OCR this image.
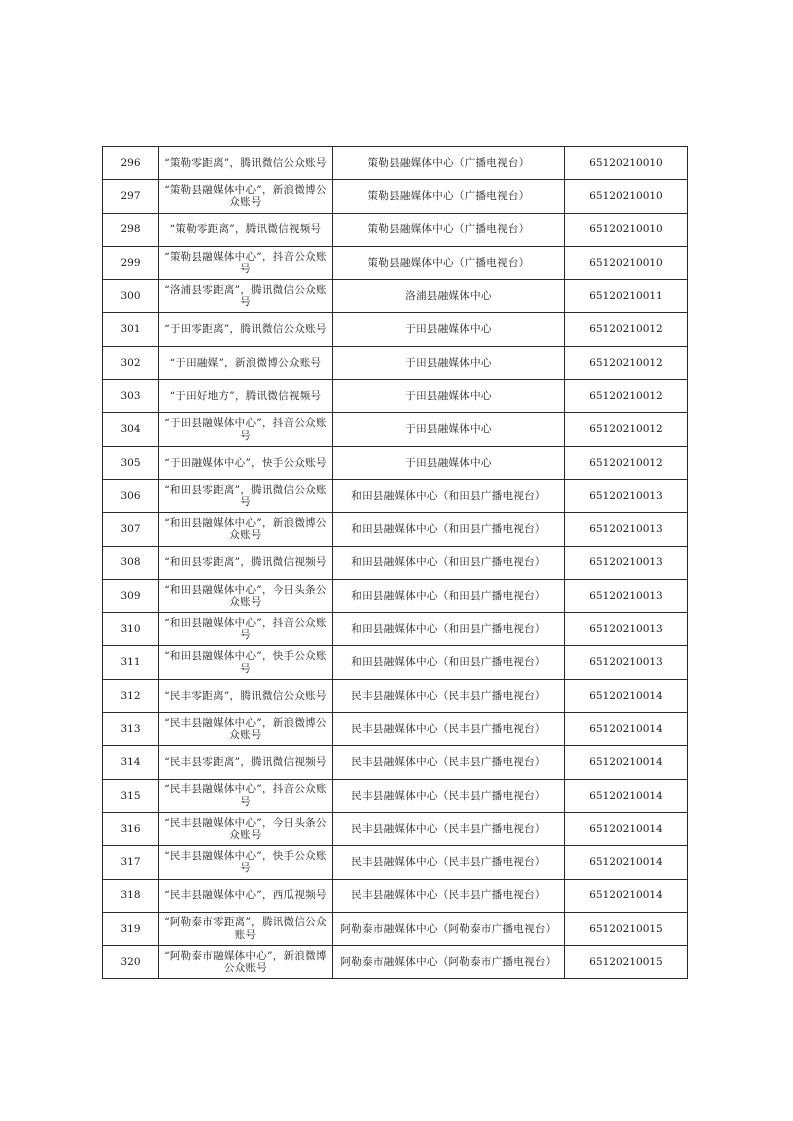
296	“策勒零距离”，腾讯微信公众账号	策勒县融媒体中心（广播电视台）	65120210010
297	“策勒县融媒体中心”，新浪微博公众账号	策勒县融媒体中心（广播电视台）	65120210010
298	“策勒零距离”，腾讯微信视频号	策勒县融媒体中心（广播电视台）	65120210010
299	“策勒县融媒体中心”，抖音公众账号	策勒县融媒体中心（广播电视台）	65120210010
300	“洛浦县零距离”，腾讯微信公众账号	洛浦县融媒体中心	65120210011
301	“于田零距离”，腾讯微信公众账号	于田县融媒体中心	65120210012
302	“于田融媒”，新浪微博公众账号	于田县融媒体中心	65120210012
303	“于田好地方”，腾讯微信视频号	于田县融媒体中心	65120210012
304	“于田县融媒体中心”，抖音公众账号	于田县融媒体中心	65120210012
305	“于田融媒体中心”，快手公众账号	于田县融媒体中心	65120210012
306	“和田县零距离”，腾讯微信公众账号	和田县融媒体中心（和田县广播电视台）	65120210013
307	“和田县融媒体中心”，新浪微博公众账号	和田县融媒体中心（和田县广播电视台）	65120210013
308	“和田县零距离”，腾讯微信视频号	和田县融媒体中心（和田县广播电视台）	65120210013
309	“和田县融媒体中心”，今日头条公众账号	和田县融媒体中心（和田县广播电视台）	65120210013
310	“和田县融媒体中心”，抖音公众账号	和田县融媒体中心（和田县广播电视台）	65120210013
311	“和田县融媒体中心”，快手公众账号	和田县融媒体中心（和田县广播电视台）	65120210013
312	“民丰零距离”，腾讯微信公众账号	民丰县融媒体中心（民丰县广播电视台）	65120210014
313	“民丰县融媒体中心”，新浪微博公众账号	民丰县融媒体中心（民丰县广播电视台）	65120210014
314	“民丰县零距离”，腾讯微信视频号	民丰县融媒体中心（民丰县广播电视台）	65120210014
315	“民丰县融媒体中心”，抖音公众账号	民丰县融媒体中心（民丰县广播电视台）	65120210014
316	“民丰县融媒体中心”，今日头条公众账号	民丰县融媒体中心（民丰县广播电视台）	65120210014
317	“民丰县融媒体中心”，快手公众账号	民丰县融媒体中心（民丰县广播电视台）	65120210014
318	“民丰县融媒体中心”，西瓜视频号	民丰县融媒体中心（民丰县广播电视台）	65120210014
319	“阿勒泰市零距离”，腾讯微信公众账号	阿勒泰市融媒体中心（阿勒泰市广播电视台）	65120210015
320	“阿勒泰市融媒体中心”，新浪微博公众账号	阿勒泰市融媒体中心（阿勒泰市广播电视台）	65120210015
